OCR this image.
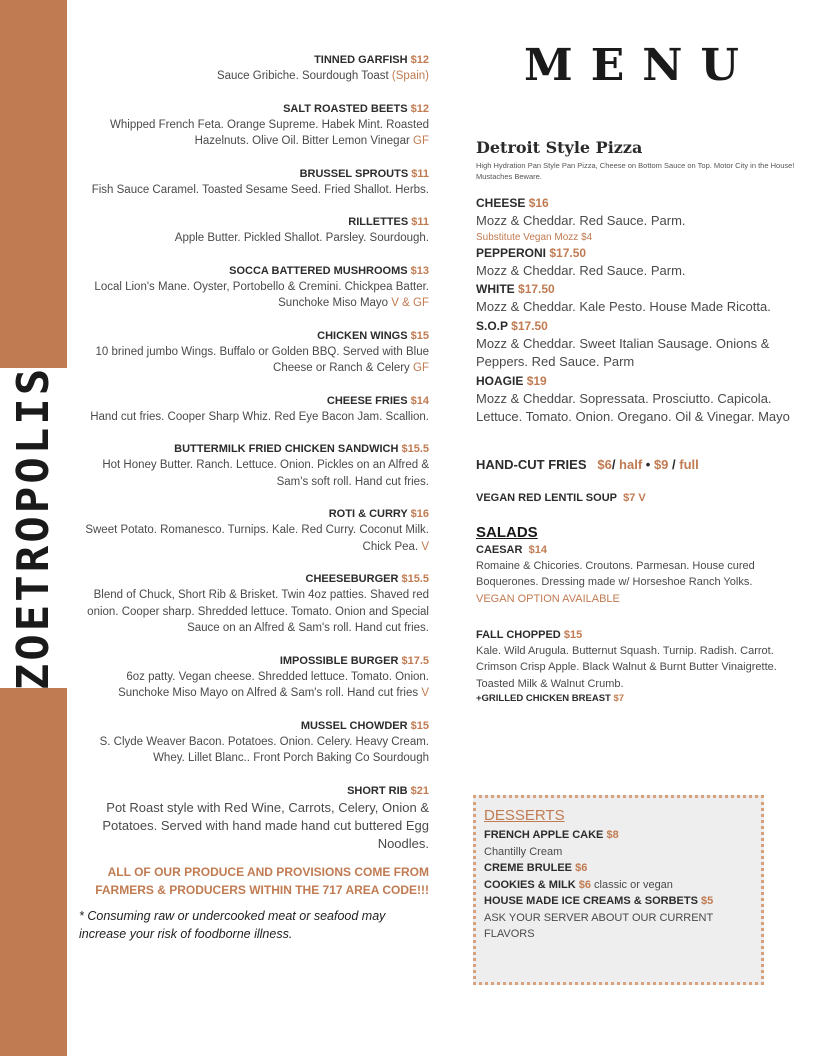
ZOETROPOLIS
TINNED GARFISH $12
Sauce Gribiche. Sourdough Toast (Spain)
SALT ROASTED BEETS $12
Whipped French Feta. Orange Supreme. Habek Mint. Roasted Hazelnuts. Olive Oil. Bitter Lemon Vinegar GF
BRUSSEL SPROUTS $11
Fish Sauce Caramel. Toasted Sesame Seed. Fried Shallot. Herbs.
RILLETTES $11
Apple Butter. Pickled Shallot. Parsley. Sourdough.
SOCCA BATTERED MUSHROOMS $13
Local Lion's Mane. Oyster, Portobello & Cremini. Chickpea Batter. Sunchoke Miso Mayo V & GF
CHICKEN WINGS $15
10 brined jumbo Wings. Buffalo or Golden BBQ. Served with Blue Cheese or Ranch & Celery GF
CHEESE FRIES $14
Hand cut fries. Cooper Sharp Whiz. Red Eye Bacon Jam. Scallion.
BUTTERMILK FRIED CHICKEN SANDWICH $15.5
Hot Honey Butter. Ranch. Lettuce. Onion. Pickles on an Alfred & Sam's soft roll. Hand cut fries.
ROTI & CURRY $16
Sweet Potato. Romanesco. Turnips. Kale. Red Curry. Coconut Milk. Chick Pea. V
CHEESEBURGER $15.5
Blend of Chuck, Short Rib & Brisket. Twin 4oz patties. Shaved red onion. Cooper sharp. Shredded lettuce. Tomato. Onion and Special Sauce on an Alfred & Sam's roll. Hand cut fries.
IMPOSSIBLE BURGER $17.5
6oz patty. Vegan cheese. Shredded lettuce. Tomato. Onion. Sunchoke Miso Mayo on Alfred & Sam's roll. Hand cut fries V
MUSSEL CHOWDER $15
S. Clyde Weaver Bacon. Potatoes. Onion. Celery. Heavy Cream. Whey. Lillet Blanc.. Front Porch Baking Co Sourdough
SHORT RIB $21
Pot Roast style with Red Wine, Carrots, Celery, Onion & Potatoes. Served with hand made hand cut buttered Egg Noodles.
ALL OF OUR PRODUCE AND PROVISIONS COME FROM FARMERS & PRODUCERS WITHIN THE 717 AREA CODE!!!
* Consuming raw or undercooked meat or seafood may increase your risk of foodborne illness.
MENU
Detroit Style Pizza
High Hydration Pan Style Pan Pizza, Cheese on Bottom Sauce on Top. Motor City in the House! Mustaches Beware.
CHEESE $16
Mozz & Cheddar. Red Sauce. Parm.
Substitute Vegan Mozz $4
PEPPERONI $17.50
Mozz & Cheddar. Red Sauce. Parm.
WHITE $17.50
Mozz & Cheddar. Kale Pesto. House Made Ricotta.
S.O.P $17.50
Mozz & Cheddar. Sweet Italian Sausage. Onions & Peppers. Red Sauce. Parm
HOAGIE $19
Mozz & Cheddar. Sopressata. Prosciutto. Capicola. Lettuce. Tomato. Onion. Oregano. Oil & Vinegar. Mayo
HAND-CUT FRIES $6/ half • $9 / full
VEGAN RED LENTIL SOUP $7 V
SALADS
CAESAR $14
Romaine & Chicories. Croutons. Parmesan. House cured Boquerones. Dressing made w/ Horseshoe Ranch Yolks.
VEGAN OPTION AVAILABLE
FALL CHOPPED $15
Kale. Wild Arugula. Butternut Squash. Turnip. Radish. Carrot. Crimson Crisp Apple. Black Walnut & Burnt Butter Vinaigrette. Toasted Milk & Walnut Crumb.
+GRILLED CHICKEN BREAST $7
DESSERTS
FRENCH APPLE CAKE $8
Chantilly Cream
CREME BRULEE $6
COOKIES & MILK $6 classic or vegan
HOUSE MADE ICE CREAMS & SORBETS $5
ASK YOUR SERVER ABOUT OUR CURRENT FLAVORS
